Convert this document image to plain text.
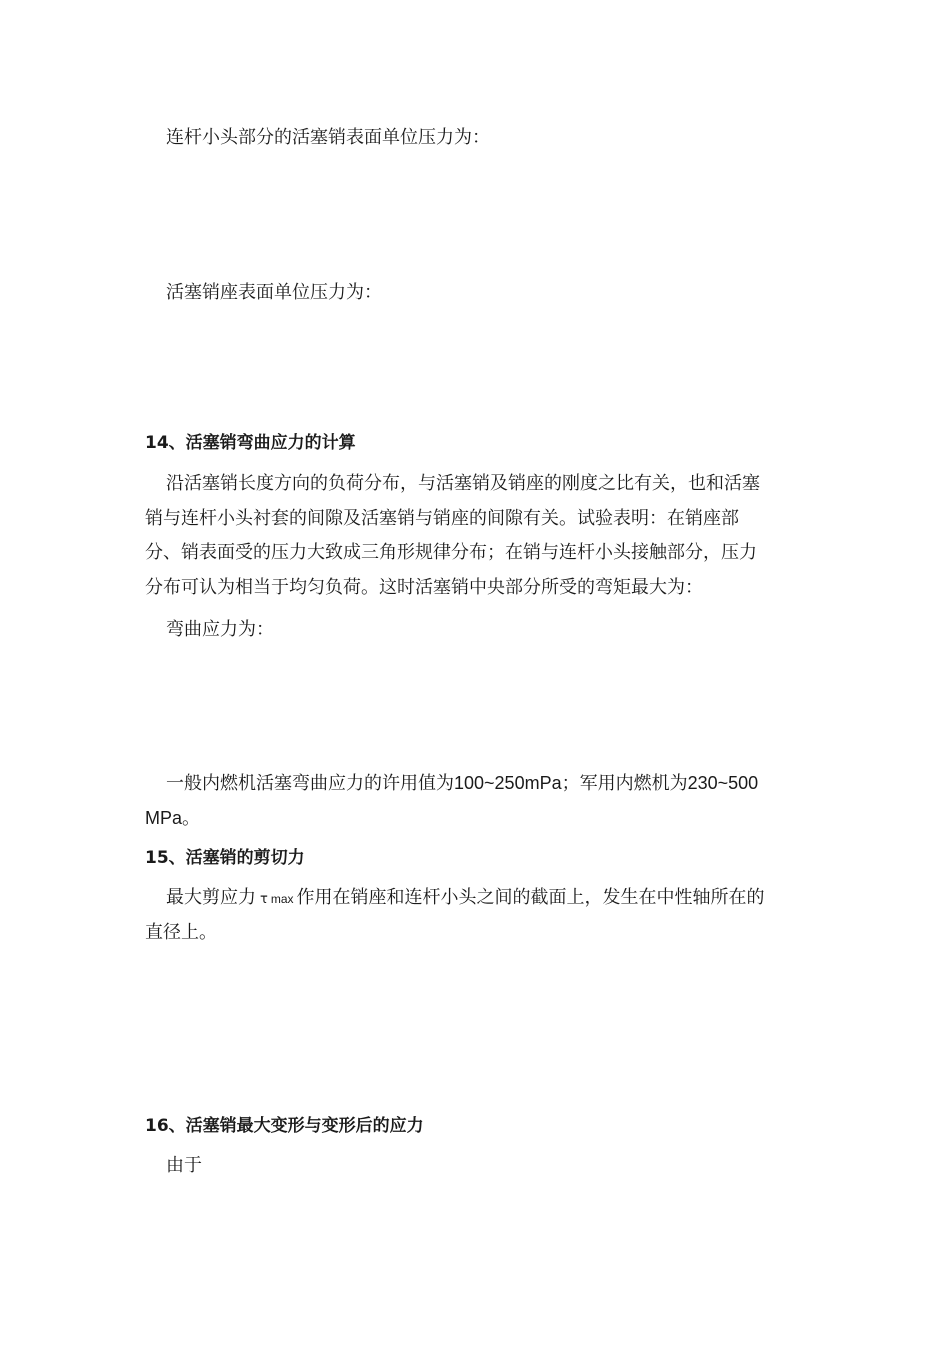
连杆小头部分的活塞销表面单位压力为：
活塞销座表面单位压力为：
14、活塞销弯曲应力的计算
沿活塞销长度方向的负荷分布，与活塞销及销座的刚度之比有关，也和活塞
销与连杆小头衬套的间隙及活塞销与销座的间隙有关。试验表明：在销座部
分、销表面受的压力大致成三角形规律分布；在销与连杆小头接触部分，压力
分布可认为相当于均匀负荷。这时活塞销中央部分所受的弯矩最大为：
弯曲应力为：
一般内燃机活塞弯曲应力的许用值为100~250mPa；军用内燃机为230~500
MPa。
15、活塞销的剪切力
最大剪应力 τ max 作用在销座和连杆小头之间的截面上，发生在中性轴所在的
直径上。
16、活塞销最大变形与变形后的应力
由于
